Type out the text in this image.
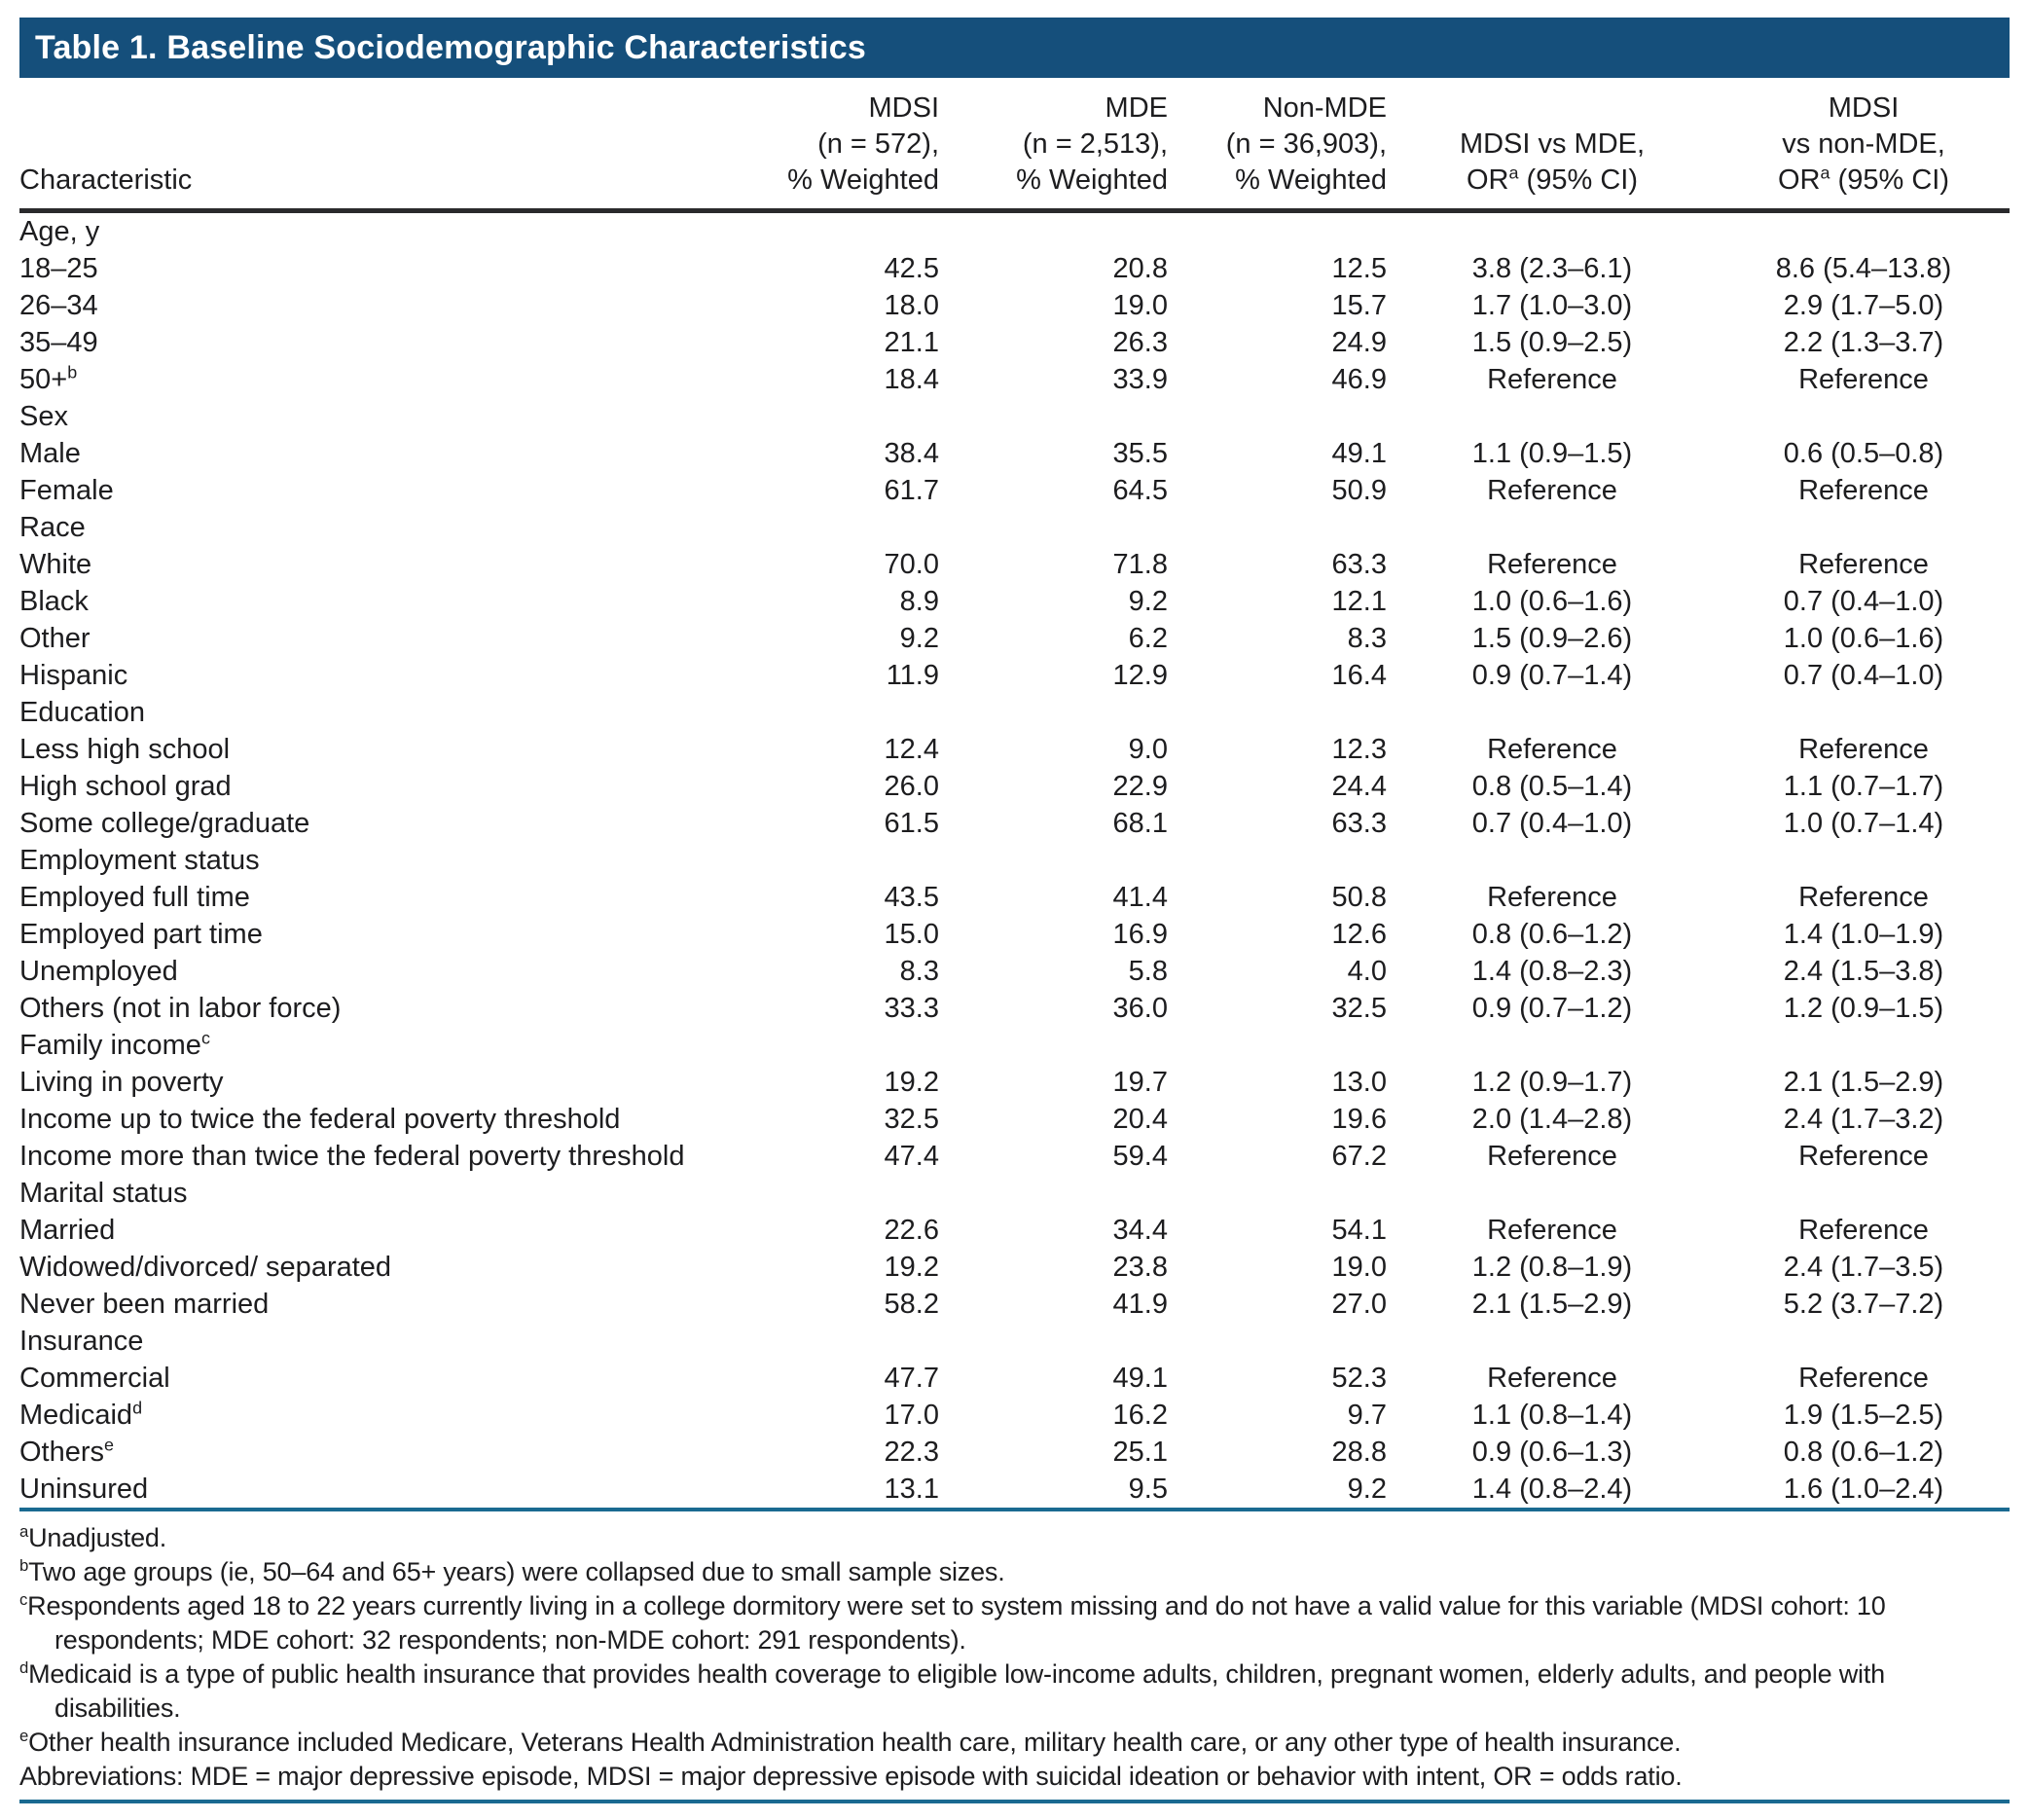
Table 1. Baseline Sociodemographic Characteristics
Characteristic

MDSI
(n = 572),
% Weighted

MDE
(n = 2,513),
% Weighted

Non-MDE
(n = 36,903),
% Weighted

MDSI vs MDE,
$OR^a$ (95% CI)

MDSI
vs non-MDE,
$OR^a$ (95% CI)

Age, y					
18–25	42.5	20.8	12.5	3.8 (2.3–6.1)	8.6 (5.4–13.8)
26–34	18.0	19.0	15.7	1.7 (1.0–3.0)	2.9 (1.7–5.0)
35–49	21.1	26.3	24.9	1.5 (0.9–2.5)	2.2 (1.3–3.7)
50+$^b$	18.4	33.9	46.9	Reference	Reference
Sex					
Male	38.4	35.5	49.1	1.1 (0.9–1.5)	0.6 (0.5–0.8)
Female	61.7	64.5	50.9	Reference	Reference
Race					
White	70.0	71.8	63.3	Reference	Reference
Black	8.9	9.2	12.1	1.0 (0.6–1.6)	0.7 (0.4–1.0)
Other	9.2	6.2	8.3	1.5 (0.9–2.6)	1.0 (0.6–1.6)
Hispanic	11.9	12.9	16.4	0.9 (0.7–1.4)	0.7 (0.4–1.0)
Education					
Less high school	12.4	9.0	12.3	Reference	Reference
High school grad	26.0	22.9	24.4	0.8 (0.5–1.4)	1.1 (0.7–1.7)
Some college/graduate	61.5	68.1	63.3	0.7 (0.4–1.0)	1.0 (0.7–1.4)
Employment status					
Employed full time	43.5	41.4	50.8	Reference	Reference
Employed part time	15.0	16.9	12.6	0.8 (0.6–1.2)	1.4 (1.0–1.9)
Unemployed	8.3	5.8	4.0	1.4 (0.8–2.3)	2.4 (1.5–3.8)
Others (not in labor force)	33.3	36.0	32.5	0.9 (0.7–1.2)	1.2 (0.9–1.5)
Family income$^c$
Living in poverty	19.2	19.7	13.0	1.2 (0.9–1.7)	2.1 (1.5–2.9)
Income up to twice the federal poverty threshold	32.5	20.4	19.6	2.0 (1.4–2.8)	2.4 (1.7–3.2)
Income more than twice the federal poverty threshold	47.4	59.4	67.2	Reference	Reference
Marital status					
Married	22.6	34.4	54.1	Reference	Reference
Widowed/divorced/ separated	19.2	23.8	19.0	1.2 (0.8–1.9)	2.4 (1.7–3.5)
Never been married	58.2	41.9	27.0	2.1 (1.5–2.9)	5.2 (3.7–7.2)
Insurance					
Commercial	47.7	49.1	52.3	Reference	Reference
Medicaid$^d$	17.0	16.2	9.7	1.1 (0.8–1.4)	1.9 (1.5–2.5)
Others$^e$	22.3	25.1	28.8	0.9 (0.6–1.3)	0.8 (0.6–1.2)
Uninsured	13.1	9.5	9.2	1.4 (0.8–2.4)	1.6 (1.0–2.4)

$^a$Unadjusted.

$^b$Two age groups (ie, 50–64 and 65+ years) were collapsed due to small sample sizes.

$^c$Respondents aged 18 to 22 years currently living in a college dormitory were set to system missing and do not have a valid value for this variable (MDSI cohort: 10 respondents; MDE cohort: 32 respondents; non-MDE cohort: 291 respondents).

$^d$Medicaid is a type of public health insurance that provides health coverage to eligible low-income adults, children, pregnant women, elderly adults, and people with disabilities.

$^e$Other health insurance included Medicare, Veterans Health Administration health care, military health care, or any other type of health insurance.

Abbreviations: MDE = major depressive episode, MDSI = major depressive episode with suicidal ideation or behavior with intent, OR = odds ratio.
